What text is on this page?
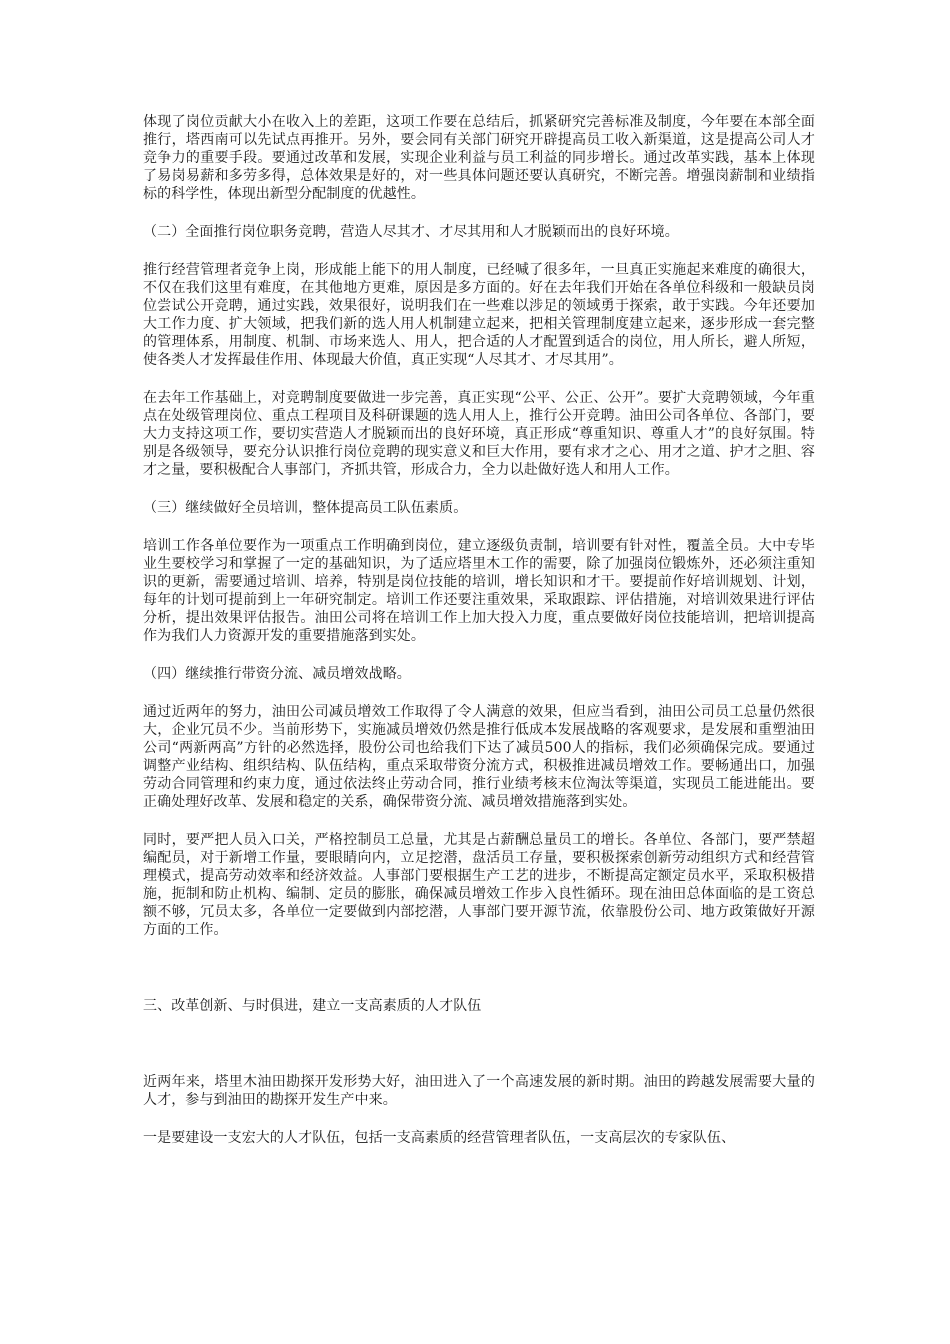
体现了岗位贡献大小在收入上的差距，这项工作要在总结后，抓紧研究完善标准及制度，今年要在本部全面推行，塔西南可以先试点再推开。另外，要会同有关部门研究开辟提高员工收入新渠道，这是提高公司人才竞争力的重要手段。要通过改革和发展，实现企业利益与员工利益的同步增长。通过改革实践，基本上体现了易岗易薪和多劳多得，总体效果是好的，对一些具体问题还要认真研究，不断完善。增强岗薪制和业绩指标的科学性，体现出新型分配制度的优越性。

（二）全面推行岗位职务竞聘，营造人尽其才、才尽其用和人才脱颖而出的良好环境。

推行经营管理者竞争上岗，形成能上能下的用人制度，已经喊了很多年，一旦真正实施起来难度的确很大，不仅在我们这里有难度，在其他地方更难，原因是多方面的。好在去年我们开始在各单位科级和一般缺员岗位尝试公开竞聘，通过实践，效果很好，说明我们在一些难以涉足的领域勇于探索，敢于实践。今年还要加大工作力度、扩大领域，把我们新的选人用人机制建立起来，把相关管理制度建立起来，逐步形成一套完整的管理体系，用制度、机制、市场来选人、用人，把合适的人才配置到适合的岗位，用人所长，避人所短，使各类人才发挥最佳作用、体现最大价值，真正实现“人尽其才、才尽其用”。

在去年工作基础上，对竞聘制度要做进一步完善，真正实现“公平、公正、公开”。要扩大竞聘领域，今年重点在处级管理岗位、重点工程项目及科研课题的选人用人上，推行公开竞聘。油田公司各单位、各部门，要大力支持这项工作，要切实营造人才脱颖而出的良好环境，真正形成“尊重知识、尊重人才”的良好氛围。特别是各级领导，要充分认识推行岗位竞聘的现实意义和巨大作用，要有求才之心、用才之道、护才之胆、容才之量，要积极配合人事部门，齐抓共管，形成合力，全力以赴做好选人和用人工作。

（三）继续做好全员培训，整体提高员工队伍素质。

培训工作各单位要作为一项重点工作明确到岗位，建立逐级负责制，培训要有针对性，覆盖全员。大中专毕业生要校学习和掌握了一定的基础知识，为了适应塔里木工作的需要，除了加强岗位锻炼外，还必须注重知识的更新，需要通过培训、培养，特别是岗位技能的培训，增长知识和才干。要提前作好培训规划、计划，每年的计划可提前到上一年研究制定。培训工作还要注重效果，采取跟踪、评估措施，对培训效果进行评估分析，提出效果评估报告。油田公司将在培训工作上加大投入力度，重点要做好岗位技能培训，把培训提高作为我们人力资源开发的重要措施落到实处。

（四）继续推行带资分流、减员增效战略。

通过近两年的努力，油田公司减员增效工作取得了令人满意的效果，但应当看到，油田公司员工总量仍然很大，企业冗员不少。当前形势下，实施减员增效仍然是推行低成本发展战略的客观要求，是发展和重塑油田公司“两新两高”方针的必然选择，股份公司也给我们下达了减员500人的指标，我们必须确保完成。要通过调整产业结构、组织结构、队伍结构，重点采取带资分流方式，积极推进减员增效工作。要畅通出口，加强劳动合同管理和约束力度，通过依法终止劳动合同，推行业绩考核末位淘汰等渠道，实现员工能进能出。要正确处理好改革、发展和稳定的关系，确保带资分流、减员增效措施落到实处。

同时，要严把人员入口关，严格控制员工总量，尤其是占薪酬总量员工的增长。各单位、各部门，要严禁超编配员，对于新增工作量，要眼睛向内，立足挖潜，盘活员工存量，要积极探索创新劳动组织方式和经营管理模式，提高劳动效率和经济效益。人事部门要根据生产工艺的进步，不断提高定额定员水平，采取积极措施，扼制和防止机构、编制、定员的膨胀，确保减员增效工作步入良性循环。现在油田总体面临的是工资总额不够，冗员太多，各单位一定要做到内部挖潜，人事部门要开源节流，依靠股份公司、地方政策做好开源方面的工作。

三、改革创新、与时俱进，建立一支高素质的人才队伍

近两年来，塔里木油田勘探开发形势大好，油田进入了一个高速发展的新时期。油田的跨越发展需要大量的人才，参与到油田的勘探开发生产中来。

一是要建设一支宏大的人才队伍，包括一支高素质的经营管理者队伍，一支高层次的专家队伍、
